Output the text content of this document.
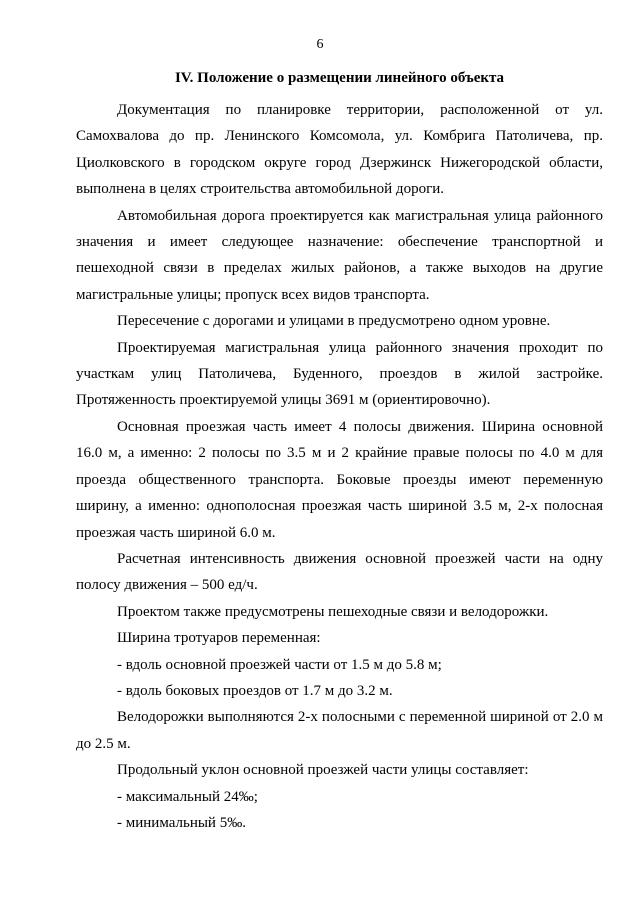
6
IV. Положение о размещении линейного объекта

Документация по планировке территории, расположенной от ул. Самохвалова до пр. Ленинского Комсомола, ул. Комбрига Патоличева, пр. Циолковского в городском округе город Дзержинск Нижегородской области, выполнена в целях строительства автомобильной дороги.

Автомобильная дорога проектируется как магистральная улица районного значения и имеет следующее назначение: обеспечение транспортной и пешеходной связи в пределах жилых районов, а также выходов на другие магистральные улицы; пропуск всех видов транспорта.

Пересечение с дорогами и улицами в предусмотрено одном уровне.

Проектируемая магистральная улица районного значения проходит по участкам улиц Патоличева, Буденного, проездов в жилой застройке. Протяженность проектируемой улицы 3691 м (ориентировочно).

Основная проезжая часть имеет 4 полосы движения. Ширина основной 16.0 м, а именно: 2 полосы по 3.5 м и 2 крайние правые полосы по 4.0 м для проезда общественного транспорта. Боковые проезды имеют переменную ширину, а именно: однополосная проезжая часть шириной 3.5 м, 2-х полосная проезжая часть шириной 6.0 м.

Расчетная интенсивность движения основной проезжей части на одну полосу движения – 500 ед/ч.

Проектом также предусмотрены пешеходные связи и велодорожки.

Ширина тротуаров переменная:

- вдоль основной проезжей части от 1.5 м до 5.8 м;

- вдоль боковых проездов от 1.7 м до 3.2 м.

Велодорожки выполняются 2-х полосными с переменной шириной от 2.0 м до 2.5 м.

Продольный уклон основной проезжей части улицы составляет:

- максимальный 24‰;

- минимальный 5‰.
